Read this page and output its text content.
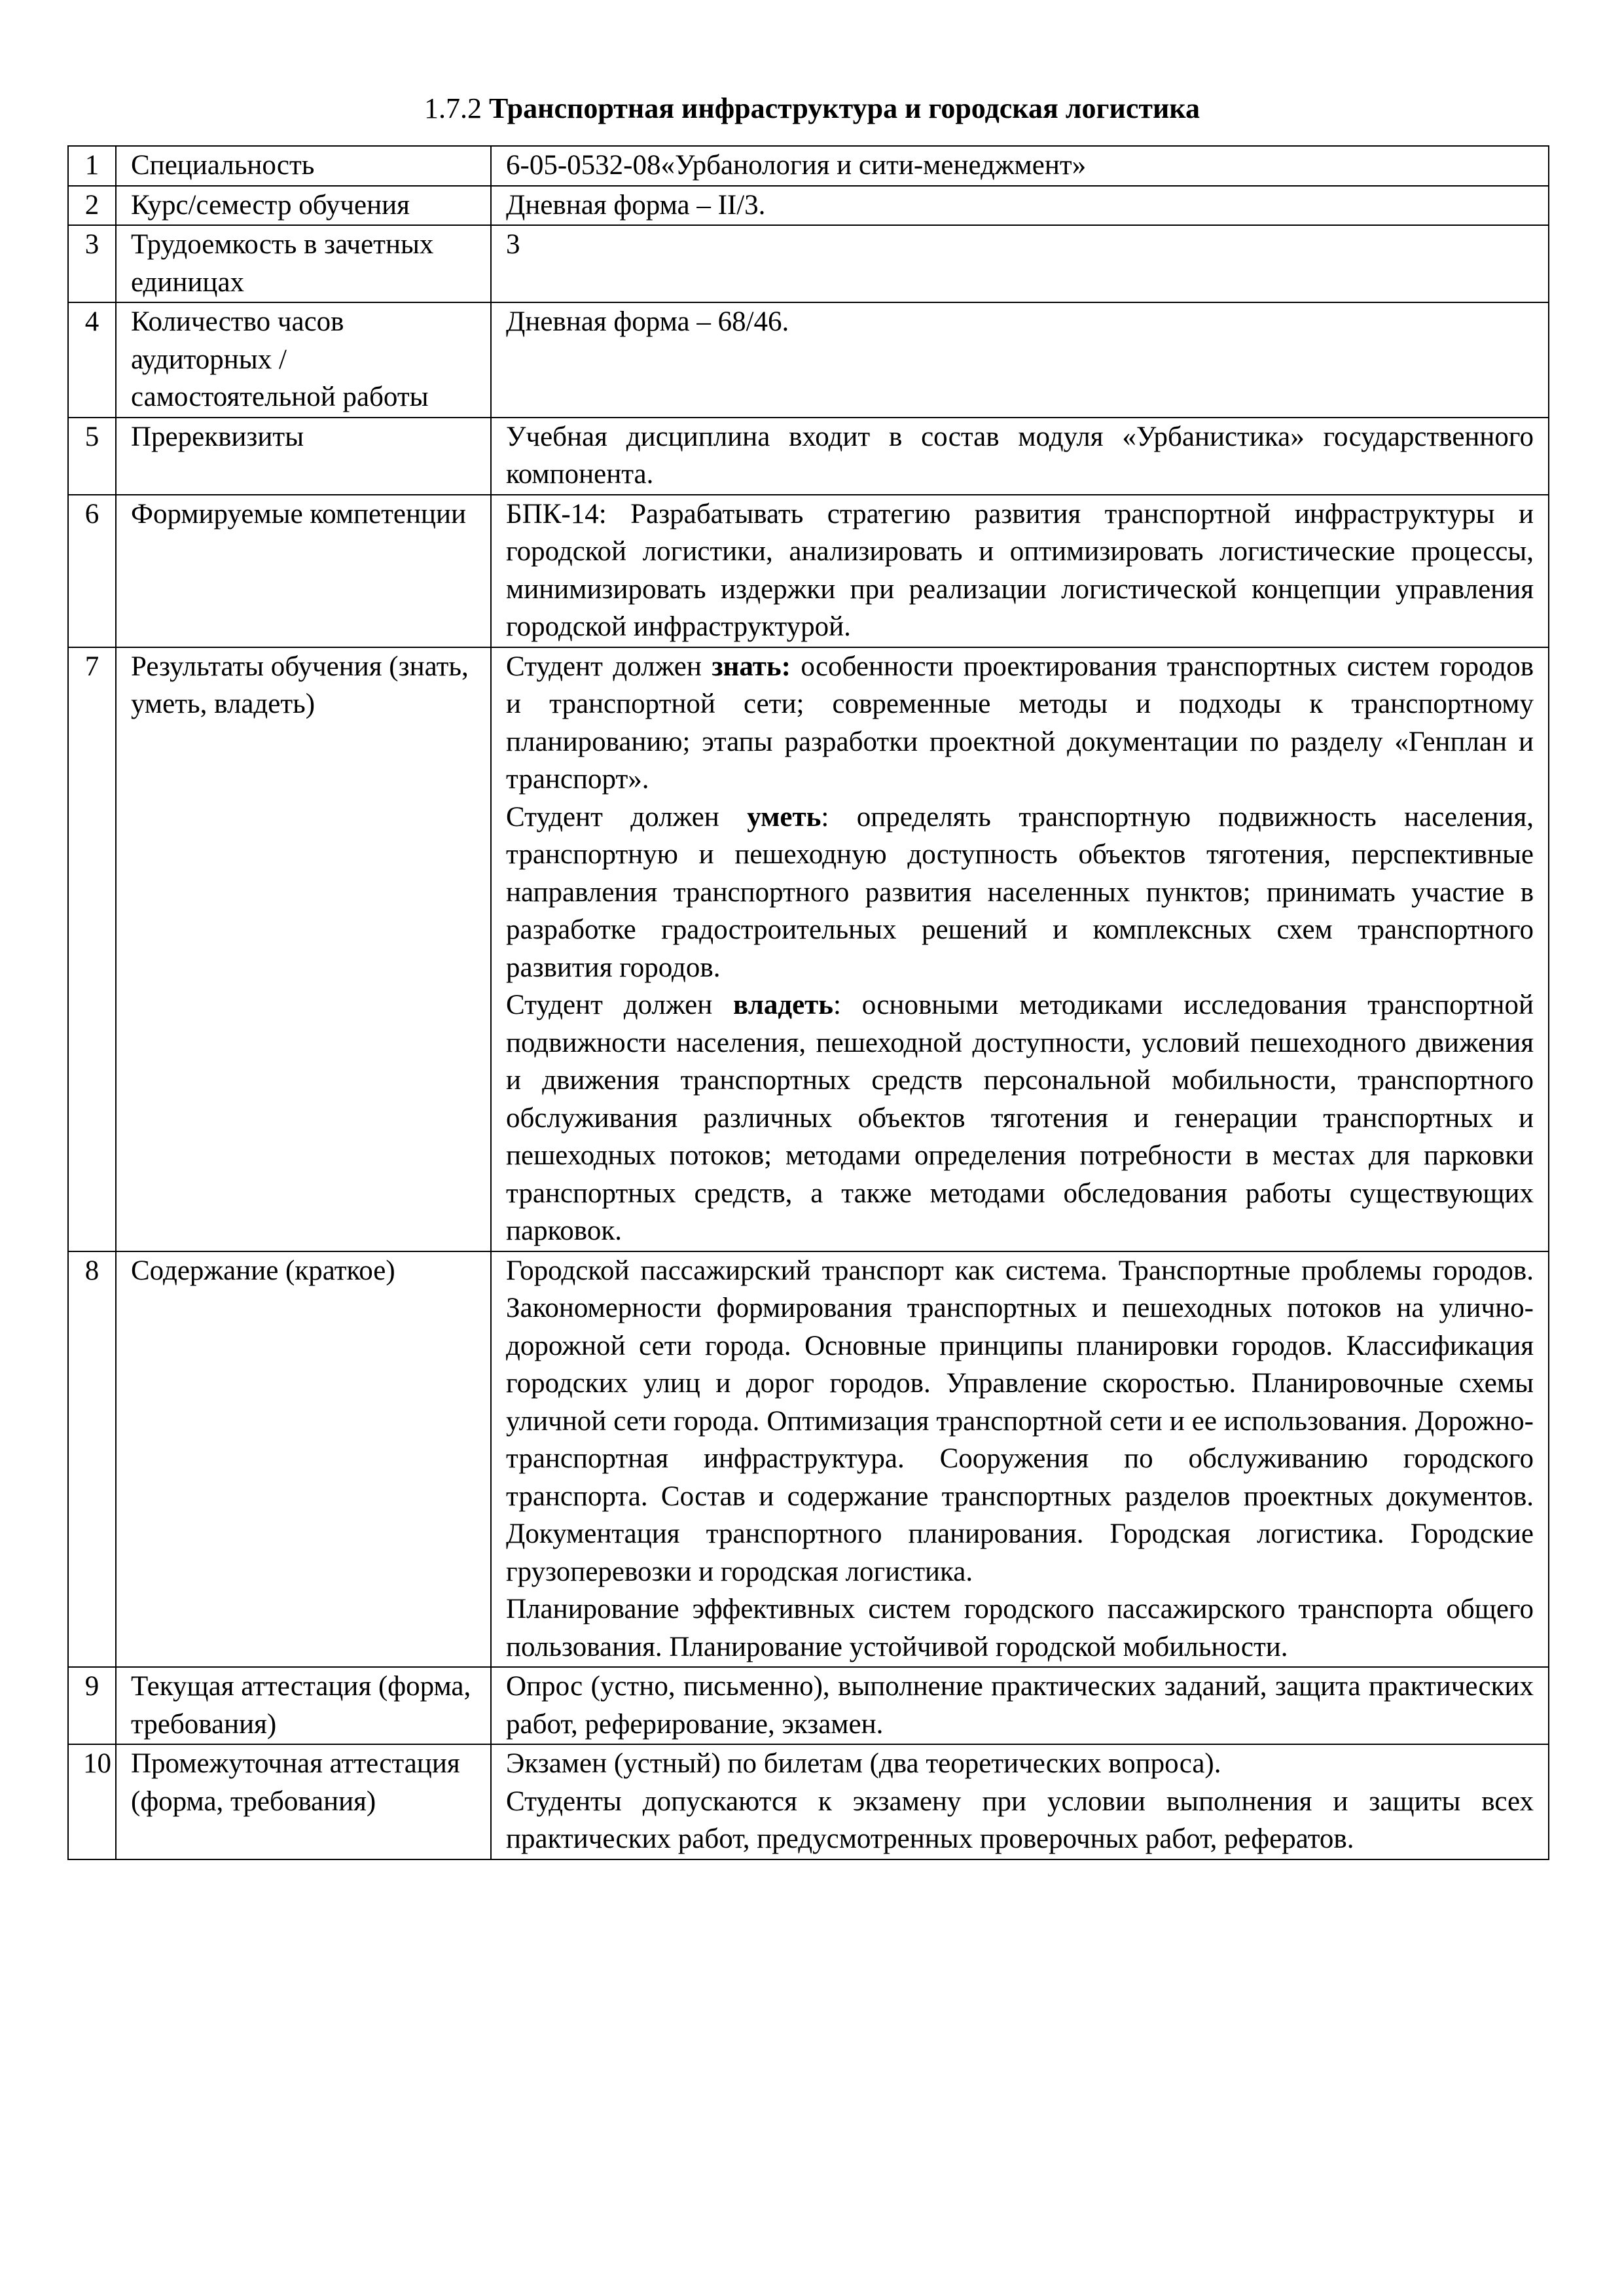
1.7.2 Транспортная инфраструктура и городская логистика
1	Специальность	6-05-0532-08«Урбанология и сити-менеджмент»

2	Курс/семестр обучения	Дневная форма – II/3.

3	Трудоемкость в зачетных единицах	3

4	Количество часов аудиторных / самостоятельной работы	Дневная форма – 68/46.

5	Пререквизиты	Учебная дисциплина входит в состав модуля «Урбанистика» государственного компонента.

6	Формируемые компетенции	БПК-14: Разрабатывать стратегию развития транспортной инфраструктуры и городской логистики, анализировать и оптимизировать логистические процессы, минимизировать издержки при реализации логистической концепции управления городской инфраструктурой.

7	Результаты обучения (знать, уметь, владеть)	Студент должен знать: особенности проектирования транспортных систем городов и транспортной сети; современные методы и подходы к транспортному планированию; этапы разработки проектной документации по разделу «Генплан и транспорт».

Студент должен уметь: определять транспортную подвижность населения, транспортную и пешеходную доступность объектов тяготения, перспективные направления транспортного развития населенных пунктов; принимать участие в разработке градостроительных решений и комплексных схем транспортного развития городов.

Студент должен владеть: основными методиками исследования транспортной подвижности населения, пешеходной доступности, условий пешеходного движения и движения транспортных средств персональной мобильности, транспортного обслуживания различных объектов тяготения и генерации транспортных и пешеходных потоков; методами определения потребности в местах для парковки транспортных средств, а также методами обследования работы существующих парковок.

8	Содержание (краткое)	Городской пассажирский транспорт как система. Транспортные проблемы городов. Закономерности формирования транспортных и пешеходных потоков на улично-дорожной сети города. Основные принципы планировки городов. Классификация городских улиц и дорог городов. Управление скоростью. Планировочные схемы уличной сети города. Оптимизация транспортной сети и ее использования. Дорожно-транспортная инфраструктура. Сооружения по обслуживанию городского транспорта. Состав и содержание транспортных разделов проектных документов. Документация транспортного планирования. Городская логистика. Городские грузоперевозки и городская логистика.

Планирование эффективных систем городского пассажирского транспорта общего пользования. Планирование устойчивой городской мобильности.

9	Текущая аттестация (форма, требования)	Опрос (устно, письменно), выполнение практических заданий, защита практических работ, реферирование, экзамен.

10	Промежуточная аттестация (форма, требования)	Экзамен (устный) по билетам (два теоретических вопроса).

Студенты допускаются к экзамену при условии выполнения и защиты всех практических работ, предусмотренных проверочных работ, рефератов.
